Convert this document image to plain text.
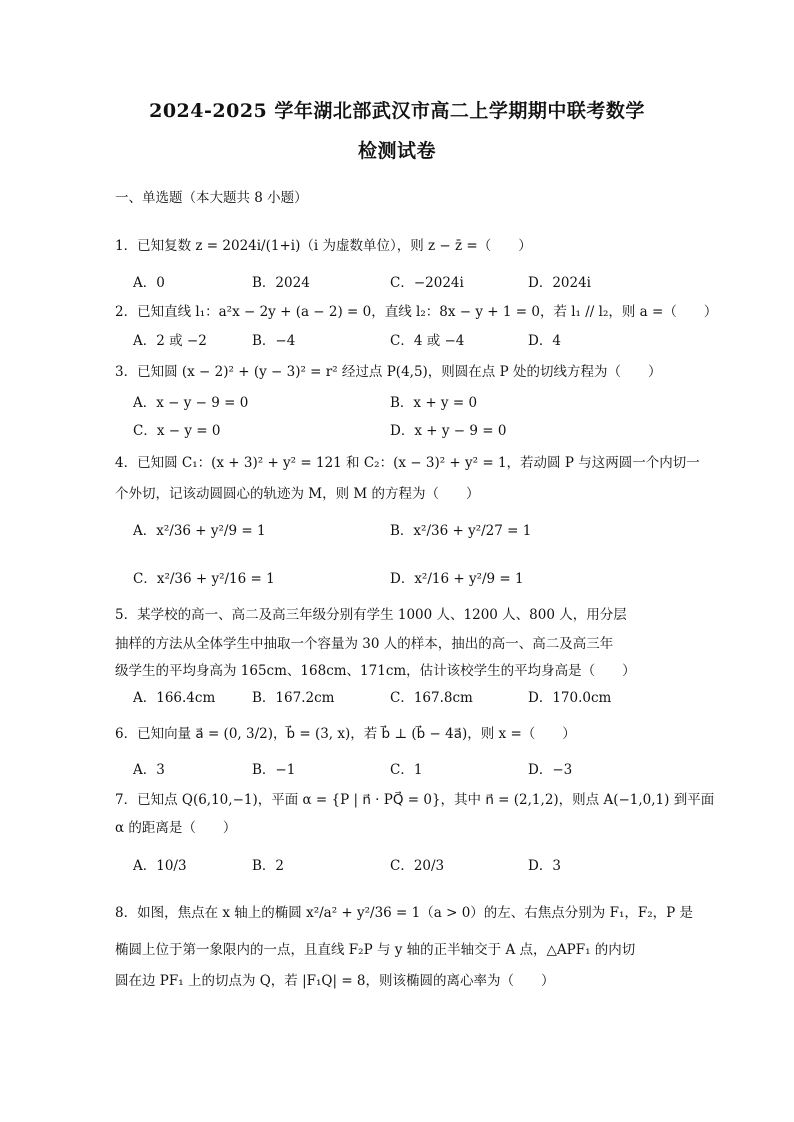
2024-2025 学年湖北部武汉市高二上学期期中联考数学
检测试卷
一、单选题（本大题共 8 小题）
1．已知复数 z = 2024i/(1+i)（i 为虚数单位），则 z − z̄ =（　　）
A．0	B．2024	C．−2024i	D．2024i
2．已知直线 l₁：a²x − 2y + (a − 2) = 0，直线 l₂：8x − y + 1 = 0，若 l₁ // l₂，则 a =（　　）
A．2 或 −2	B．−4	C．4 或 −4	D．4
3．已知圆 (x − 2)² + (y − 3)² = r² 经过点 P(4,5)，则圆在点 P 处的切线方程为（　　）
A．x − y − 9 = 0	B．x + y = 0
C．x − y = 0	D．x + y − 9 = 0
4．已知圆 C₁：(x + 3)² + y² = 121 和 C₂：(x − 3)² + y² = 1，若动圆 P 与这两圆一个内切一
个外切，记该动圆圆心的轨迹为 M，则 M 的方程为（　　）
A．x²/36 + y²/9 = 1	B．x²/36 + y²/27 = 1
C．x²/36 + y²/16 = 1	D．x²/16 + y²/9 = 1
5．某学校的高一、高二及高三年级分别有学生 1000 人、1200 人、800 人，用分层
抽样的方法从全体学生中抽取一个容量为 30 人的样本，抽出的高一、高二及高三年
级学生的平均身高为 165cm、168cm、171cm，估计该校学生的平均身高是（　　）
A．166.4cm	B．167.2cm	C．167.8cm	D．170.0cm
6．已知向量 a⃗ = (0, 3/2)，b⃗ = (3, x)，若 b⃗ ⊥ (b⃗ − 4a⃗)，则 x =（　　）
A．3	B．−1	C．1	D．−3
7．已知点 Q(6,10,−1)，平面 α = {P | n⃗ · PQ⃗ = 0}，其中 n⃗ = (2,1,2)，则点 A(−1,0,1) 到平面
α 的距离是（　　）
A．10/3	B．2	C．20/3	D．3
8．如图，焦点在 x 轴上的椭圆 x²/a² + y²/36 = 1（a > 0）的左、右焦点分别为 F₁，F₂，P 是
椭圆上位于第一象限内的一点，且直线 F₂P 与 y 轴的正半轴交于 A 点，△APF₁ 的内切
圆在边 PF₁ 上的切点为 Q，若 |F₁Q| = 8，则该椭圆的离心率为（　　）
